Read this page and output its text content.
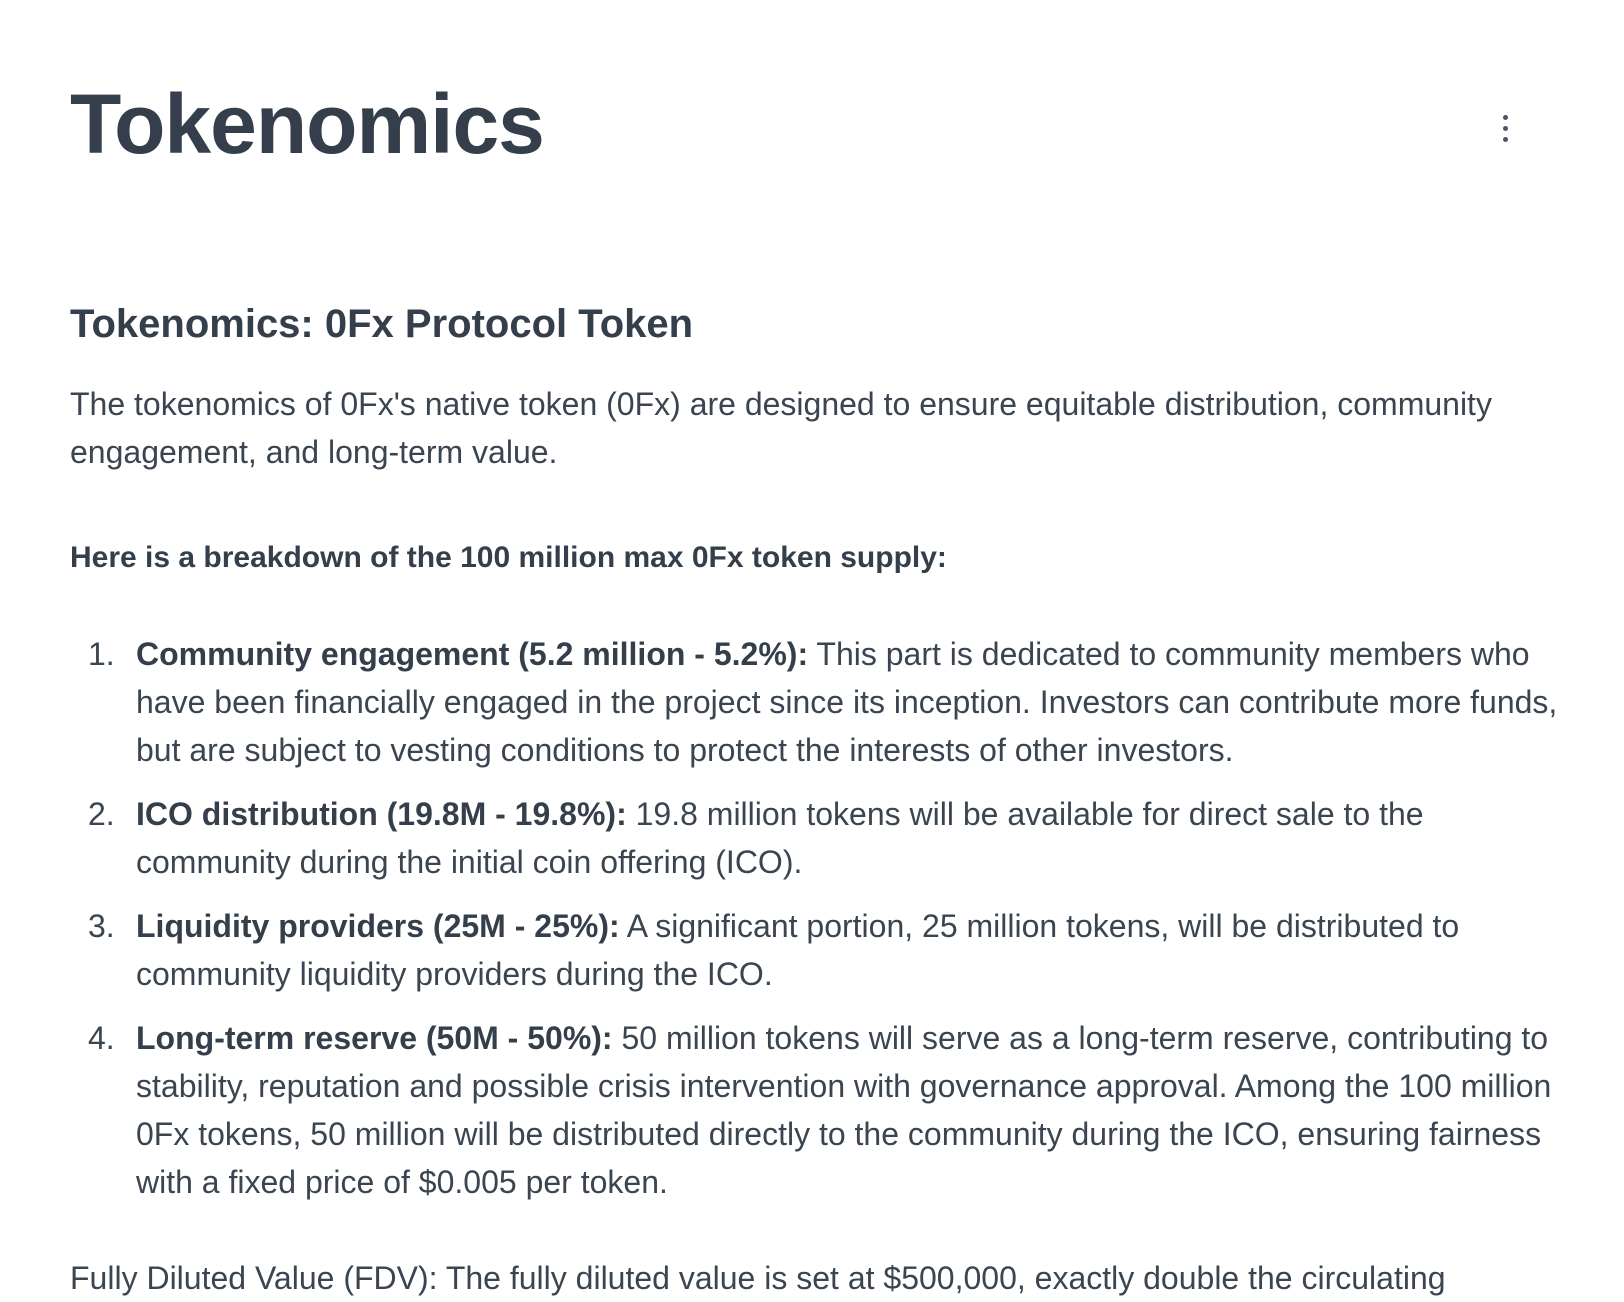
Tokenomics
Tokenomics: 0Fx Protocol Token

The tokenomics of 0Fx's native token (0Fx) are designed to ensure equitable distribution, community engagement, and long-term value.

Here is a breakdown of the 100 million max 0Fx token supply:

1. Community engagement (5.2 million - 5.2%): This part is dedicated to community members who have been financially engaged in the project since its inception. Investors can contribute more funds, but are subject to vesting conditions to protect the interests of other investors.
2. ICO distribution (19.8M - 19.8%): 19.8 million tokens will be available for direct sale to the community during the initial coin offering (ICO).
3. Liquidity providers (25M - 25%): A significant portion, 25 million tokens, will be distributed to community liquidity providers during the ICO.
4. Long-term reserve (50M - 50%): 50 million tokens will serve as a long-term reserve, contributing to stability, reputation and possible crisis intervention with governance approval. Among the 100 million 0Fx tokens, 50 million will be distributed directly to the community during the ICO, ensuring fairness with a fixed price of $0.005 per token.

Fully Diluted Value (FDV): The fully diluted value is set at $500,000, exactly double the circulating
